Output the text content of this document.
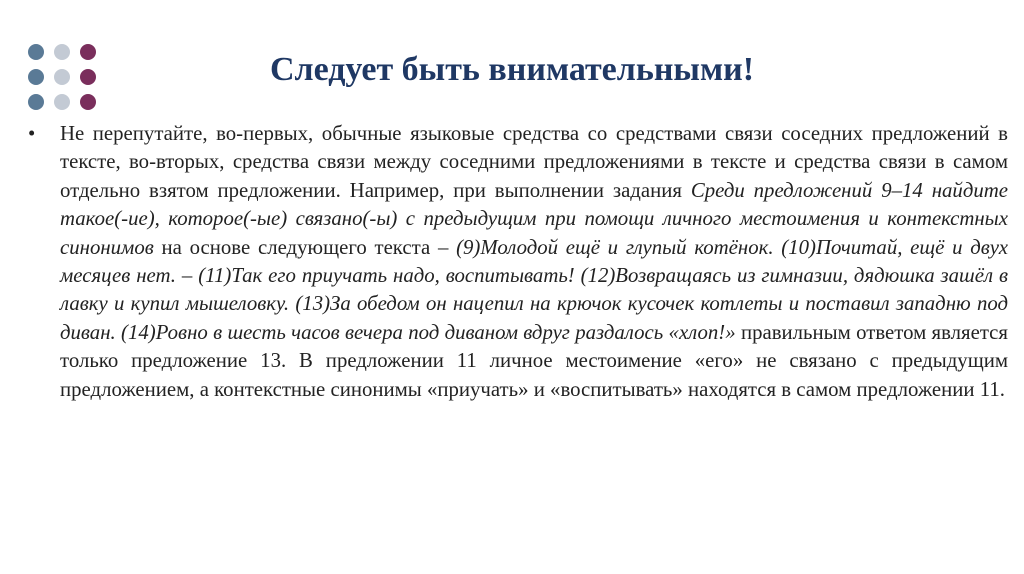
Следует быть внимательными!
• Не перепутайте, во-первых, обычные языковые средства со средствами связи соседних предложений в тексте, во-вторых, средства связи между соседними предложениями в тексте и средства связи в самом отдельно взятом предложении. Например, при выполнении задания Среди предложений 9–14 найдите такое(-ие), которое(-ые) связано(-ы) с предыдущим при помощи личного местоимения и контекстных синонимов на основе следующего текста – (9)Молодой ещё и глупый котёнок. (10)Почитай, ещё и двух месяцев нет. – (11)Так его приучать надо, воспитывать! (12)Возвращаясь из гимназии, дядюшка зашёл в лавку и купил мышеловку. (13)За обедом он нацепил на крючок кусочек котлеты и поставил западню под диван. (14)Ровно в шесть часов вечера под диваном вдруг раздалось «хлоп!» правильным ответом является только предложение 13. В предложении 11 личное местоимение «его» не связано с предыдущим предложением, а контекстные синонимы «приучать» и «воспитывать» находятся в самом предложении 11.
